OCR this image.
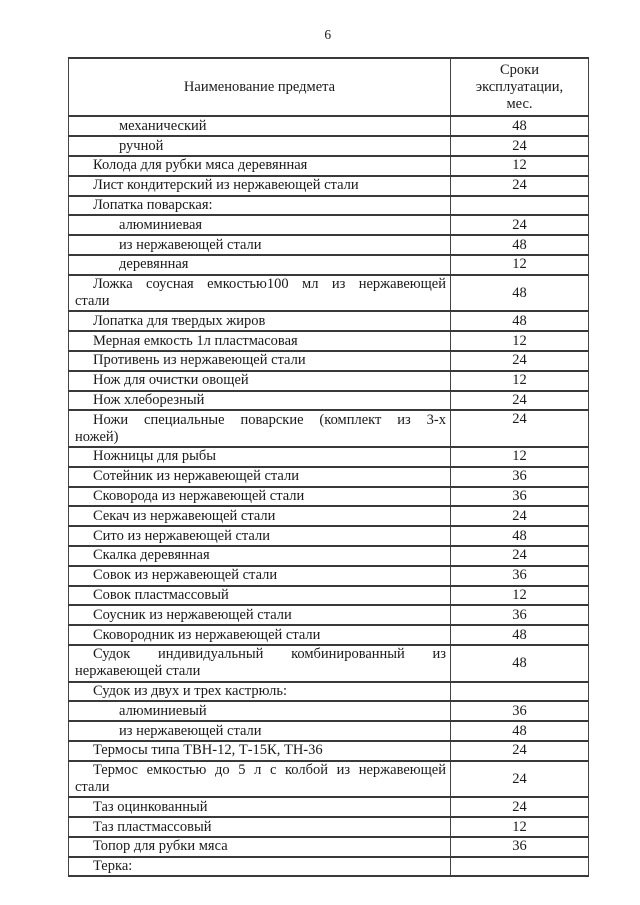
6
Наименование предмета	Сроки
эксплуатации,
мес.

механический	48

ручной	24

Колода для рубки мяса деревянная	12

Лист кондитерский из нержавеющей стали	24

Лопатка поварская:	

алюминиевая	24

из нержавеющей стали	48

деревянная	12

Ложка соусная емкостью100 мл из нержавеющей
стали	48

Лопатка для твердых жиров	48

Мерная емкость 1л пластмасовая	12

Противень из нержавеющей стали	24

Нож для очистки овощей	12

Нож хлеборезный	24

Ножи специальные поварские (комплект из 3-х
ножей)	24

Ножницы для рыбы	12

Сотейник из нержавеющей стали	36

Сковорода из нержавеющей стали	36

Секач из нержавеющей стали	24

Сито из нержавеющей стали	48

Скалка деревянная	24

Совок из нержавеющей стали	36

Совок пластмассовый	12

Соусник из нержавеющей стали	36

Сковородник из нержавеющей стали	48

Судок индивидуальный комбинированный из
нержавеющей стали	48

Судок из двух и трех кастрюль:	

алюминиевый	36

из нержавеющей стали	48

Термосы типа ТВН-12, Т-15К, ТН-36	24

Термос емкостью до 5 л с колбой из нержавеющей
стали	24

Таз оцинкованный	24

Таз пластмассовый	12

Топор для рубки мяса	36

Терка:	
